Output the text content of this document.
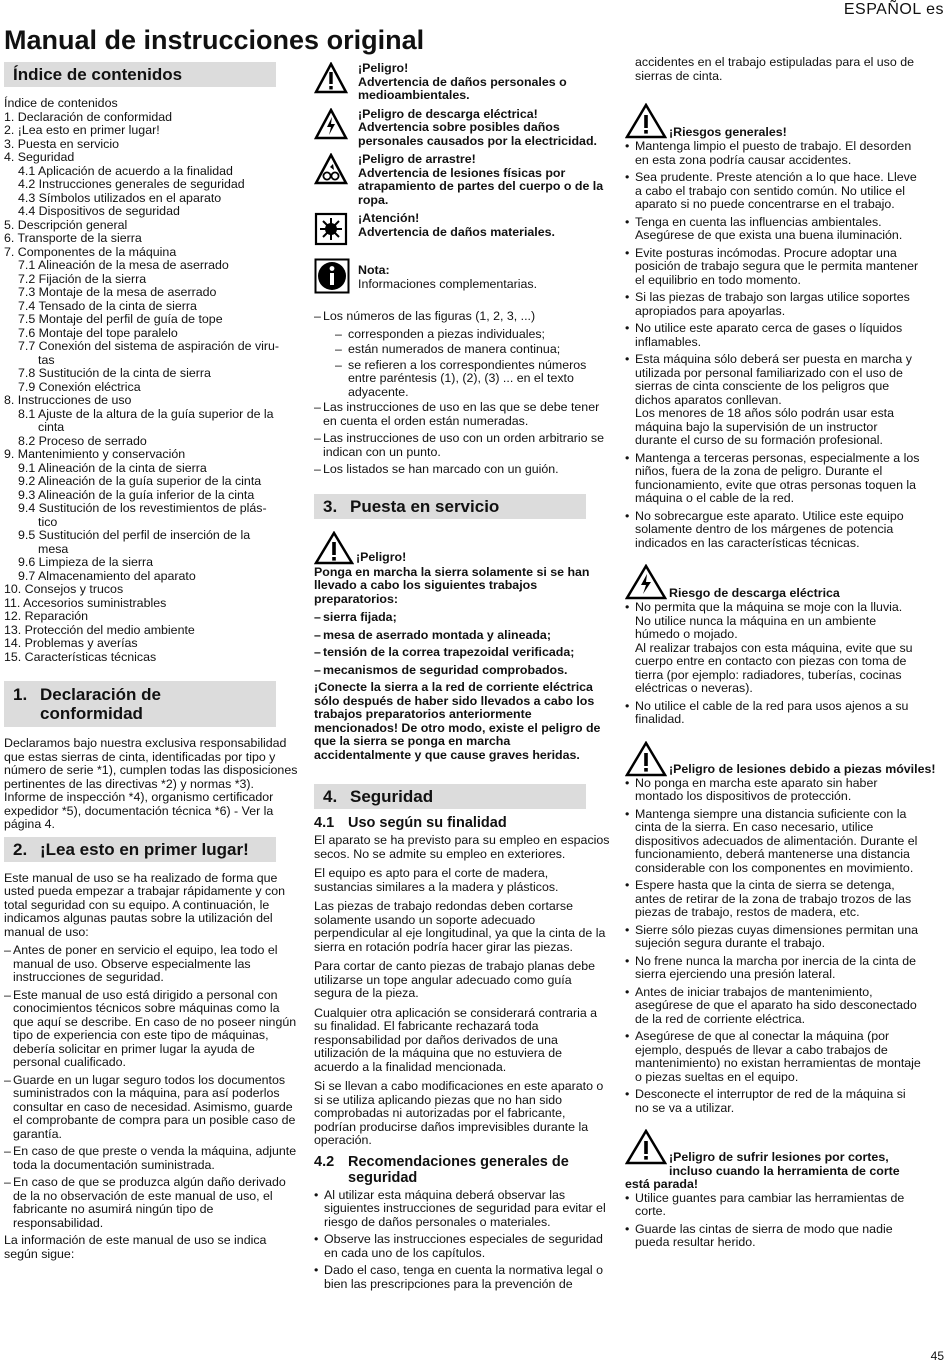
ESPAÑOL es
Manual de instrucciones original
Índice de contenidos
Índice de contenidos
1. Declaración de conformidad
2. ¡Lea esto en primer lugar!
3. Puesta en servicio
4. Seguridad
4.1 Aplicación de acuerdo a la finalidad
4.2 Instrucciones generales de seguridad
4.3 Símbolos utilizados en el aparato
4.4 Dispositivos de seguridad
5. Descripción general
6. Transporte de la sierra
7. Componentes de la máquina
7.1 Alineación de la mesa de aserrado
7.2 Fijación de la sierra
7.3 Montaje de la mesa de aserrado
7.4 Tensado de la cinta de sierra
7.5 Montaje del perfil de guía de tope
7.6 Montaje del tope paralelo
7.7 Conexión del sistema de aspiración de viru-
tas
7.8 Sustitución de la cinta de sierra
7.9 Conexión eléctrica
8. Instrucciones de uso
8.1 Ajuste de la altura de la guía superior de la
cinta
8.2 Proceso de serrado
9. Mantenimiento y conservación
9.1 Alineación de la cinta de sierra
9.2 Alineación de la guía superior de la cinta
9.3 Alineación de la guía inferior de la cinta
9.4 Sustitución de los revestimientos de plás-
tico
9.5 Sustitución del perfil de inserción de la
mesa
9.6 Limpieza de la sierra
9.7 Almacenamiento del aparato
10. Consejos y trucos
11. Accesorios suministrables
12. Reparación
13. Protección del medio ambiente
14. Problemas y averías
15. Características técnicas
1. Declaración de
conformidad

Declaramos bajo nuestra exclusiva responsabilidad que estas sierras de cinta, identificadas por tipo y número de serie *1), cumplen todas las disposiciones pertinentes de las directivas *2) y normas *3). Informe de inspección *4), organismo certificador expedidor *5), documentación técnica *6) - Ver la página 4.

2. ¡Lea esto en primer lugar!

Este manual de uso se ha realizado de forma que usted pueda empezar a trabajar rápidamente y con total seguridad con su equipo. A continuación, le indicamos algunas pautas sobre la utilización del manual de uso:

– Antes de poner en servicio el equipo, lea todo el manual de uso. Observe especialmente las instrucciones de seguridad.
– Este manual de uso está dirigido a personal con conocimientos técnicos sobre máquinas como la que aquí se describe. En caso de no poseer ningún tipo de experiencia con este tipo de máquinas, debería solicitar en primer lugar la ayuda de personal cualificado.
– Guarde en un lugar seguro todos los documentos suministrados con la máquina, para así poderlos consultar en caso de necesidad. Asimismo, guarde el comprobante de compra para un posible caso de garantía.
– En caso de que preste o venda la máquina, adjunte toda la documentación suministrada.
– En caso de que se produzca algún daño derivado de la no observación de este manual de uso, el fabricante no asumirá ningún tipo de responsabilidad.

La información de este manual de uso se indica según sigue:

¡Peligro!
Advertencia de daños personales o medioambientales.
¡Peligro de descarga eléctrica!
Advertencia sobre posibles daños personales causados por la electricidad.
¡Peligro de arrastre!
Advertencia de lesiones físicas por atrapamiento de partes del cuerpo o de la ropa.
¡Atención!
Advertencia de daños materiales.
Nota:
Informaciones complementarias.
– Los números de las figuras (1, 2, 3, ...)
– corresponden a piezas individuales;
– están numerados de manera continua;
– se refieren a los correspondientes números entre paréntesis (1), (2), (3) ... en el texto adyacente.
– Las instrucciones de uso en las que se debe tener en cuenta el orden están numeradas.
– Las instrucciones de uso con un orden arbitrario se indican con un punto.
– Los listados se han marcado con un guión.
3. Puesta en servicio
¡Peligro!

Ponga en marcha la sierra solamente si se han llevado a cabo los siguientes trabajos preparatorios:

– sierra fijada;
– mesa de aserrado montada y alineada;
– tensión de la correa trapezoidal verificada;
– mecanismos de seguridad comprobados.

¡Conecte la sierra a la red de corriente eléctrica sólo después de haber sido llevados a cabo los trabajos preparatorios anteriormente mencionados! De otro modo, existe el peligro de que la sierra se ponga en marcha accidentalmente y que cause graves heridas.

4. Seguridad
4.1 Uso según su finalidad
El aparato se ha previsto para su empleo en espacios secos. No se admite su empleo en exteriores.
El equipo es apto para el corte de madera, sustancias similares a la madera y plásticos.
Las piezas de trabajo redondas deben cortarse solamente usando un soporte adecuado perpendicular al eje longitudinal, ya que la cinta de la sierra en rotación podría hacer girar las piezas.
Para cortar de canto piezas de trabajo planas debe utilizarse un tope angular adecuado como guía segura de la pieza.
Cualquier otra aplicación se considerará contraria a su finalidad. El fabricante rechazará toda responsabilidad por daños derivados de una utilización de la máquina que no estuviera de acuerdo a la finalidad mencionada.
Si se llevan a cabo modificaciones en este aparato o si se utiliza aplicando piezas que no han sido comprobadas ni autorizadas por el fabricante, podrían producirse daños imprevisibles durante la operación.
4.2 Recomendaciones generales de
seguridad
• Al utilizar esta máquina deberá observar las siguientes instrucciones de seguridad para evitar el riesgo de daños personales o materiales.
• Observe las instrucciones especiales de seguridad en cada uno de los capítulos.
• Dado el caso, tenga en cuenta la normativa legal o bien las prescripciones para la prevención de

accidentes en el trabajo estipuladas para el uso de sierras de cinta.

¡Riesgos generales!
• Mantenga limpio el puesto de trabajo. El desorden en esta zona podría causar accidentes.
• Sea prudente. Preste atención a lo que hace. Lleve a cabo el trabajo con sentido común. No utilice el aparato si no puede concentrarse en el trabajo.
• Tenga en cuenta las influencias ambientales. Asegúrese de que exista una buena iluminación.
• Evite posturas incómodas. Procure adoptar una posición de trabajo segura que le permita mantener el equilibrio en todo momento.
• Si las piezas de trabajo son largas utilice soportes apropiados para apoyarlas.
• No utilice este aparato cerca de gases o líquidos inflamables.
• Esta máquina sólo deberá ser puesta en marcha y utilizada por personal familiarizado con el uso de sierras de cinta consciente de los peligros que dichos aparatos conllevan.
Los menores de 18 años sólo podrán usar esta máquina bajo la supervisión de un instructor durante el curso de su formación profesional.
• Mantenga a terceras personas, especialmente a los niños, fuera de la zona de peligro. Durante el funcionamiento, evite que otras personas toquen la máquina o el cable de la red.
• No sobrecargue este aparato. Utilice este equipo solamente dentro de los márgenes de potencia indicados en las características técnicas.
Riesgo de descarga eléctrica
• No permita que la máquina se moje con la lluvia. No utilice nunca la máquina en un ambiente húmedo o mojado.
Al realizar trabajos con esta máquina, evite que su cuerpo entre en contacto con piezas con toma de tierra (por ejemplo: radiadores, tuberías, cocinas eléctricas o neveras).
• No utilice el cable de la red para usos ajenos a su finalidad.
¡Peligro de lesiones debido a piezas móviles!
• No ponga en marcha este aparato sin haber montado los dispositivos de protección.
• Mantenga siempre una distancia suficiente con la cinta de la sierra. En caso necesario, utilice dispositivos adecuados de alimentación. Durante el funcionamiento, deberá mantenerse una distancia considerable con los componentes en movimiento.
• Espere hasta que la cinta de sierra se detenga, antes de retirar de la zona de trabajo trozos de las piezas de trabajo, restos de madera, etc.
• Sierre sólo piezas cuyas dimensiones permitan una sujeción segura durante el trabajo.
• No frene nunca la marcha por inercia de la cinta de sierra ejerciendo una presión lateral.
• Antes de iniciar trabajos de mantenimiento, asegúrese de que el aparato ha sido desconectado de la red de corriente eléctrica.
• Asegúrese de que al conectar la máquina (por ejemplo, después de llevar a cabo trabajos de mantenimiento) no existan herramientas de montaje o piezas sueltas en el equipo.
• Desconecte el interruptor de red de la máquina si no se va a utilizar.
¡Peligro de sufrir lesiones por cortes, incluso cuando la herramienta de corte está parada!
• Utilice guantes para cambiar las herramientas de corte.
• Guarde las cintas de sierra de modo que nadie pueda resultar herido.
45
